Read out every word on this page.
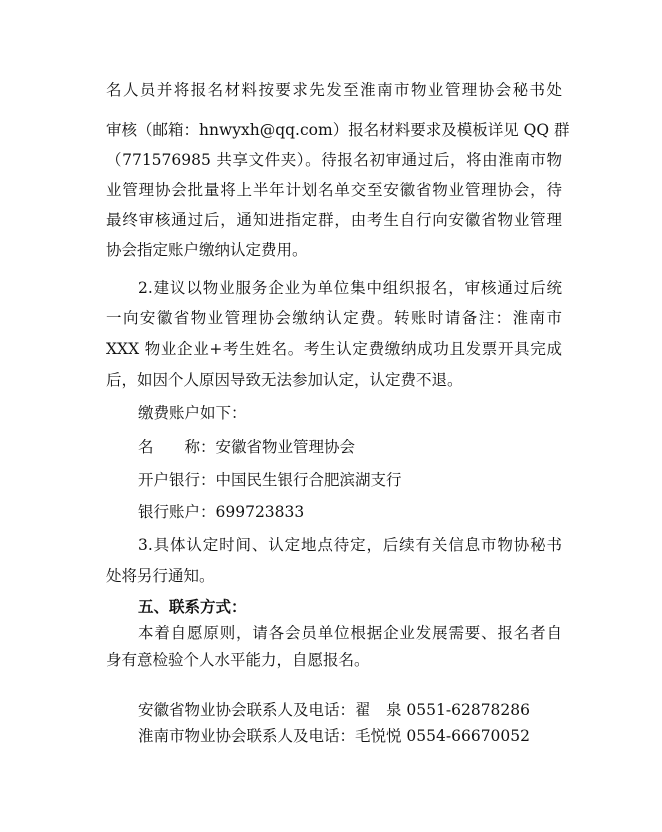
名人员并将报名材料按要求先发至淮南市物业管理协会秘书处
审核（邮箱：hnwyxh@qq.com）报名材料要求及模板详见 QQ 群
（771576985 共享文件夹）。待报名初审通过后，将由淮南市物
业管理协会批量将上半年计划名单交至安徽省物业管理协会，待
最终审核通过后，通知进指定群，由考生自行向安徽省物业管理
协会指定账户缴纳认定费用。
2.建议以物业服务企业为单位集中组织报名，审核通过后统
一向安徽省物业管理协会缴纳认定费。转账时请备注：淮南市
XXX 物业企业+考生姓名。考生认定费缴纳成功且发票开具完成
后，如因个人原因导致无法参加认定，认定费不退。
缴费账户如下：
名　　称：安徽省物业管理协会
开户银行：中国民生银行合肥滨湖支行
银行账户：699723833
3.具体认定时间、认定地点待定，后续有关信息市物协秘书
处将另行通知。
五、联系方式：
本着自愿原则，请各会员单位根据企业发展需要、报名者自
身有意检验个人水平能力，自愿报名。
安徽省物业协会联系人及电话：翟　泉 0551-62878286
淮南市物业协会联系人及电话：毛悦悦 0554-66670052
